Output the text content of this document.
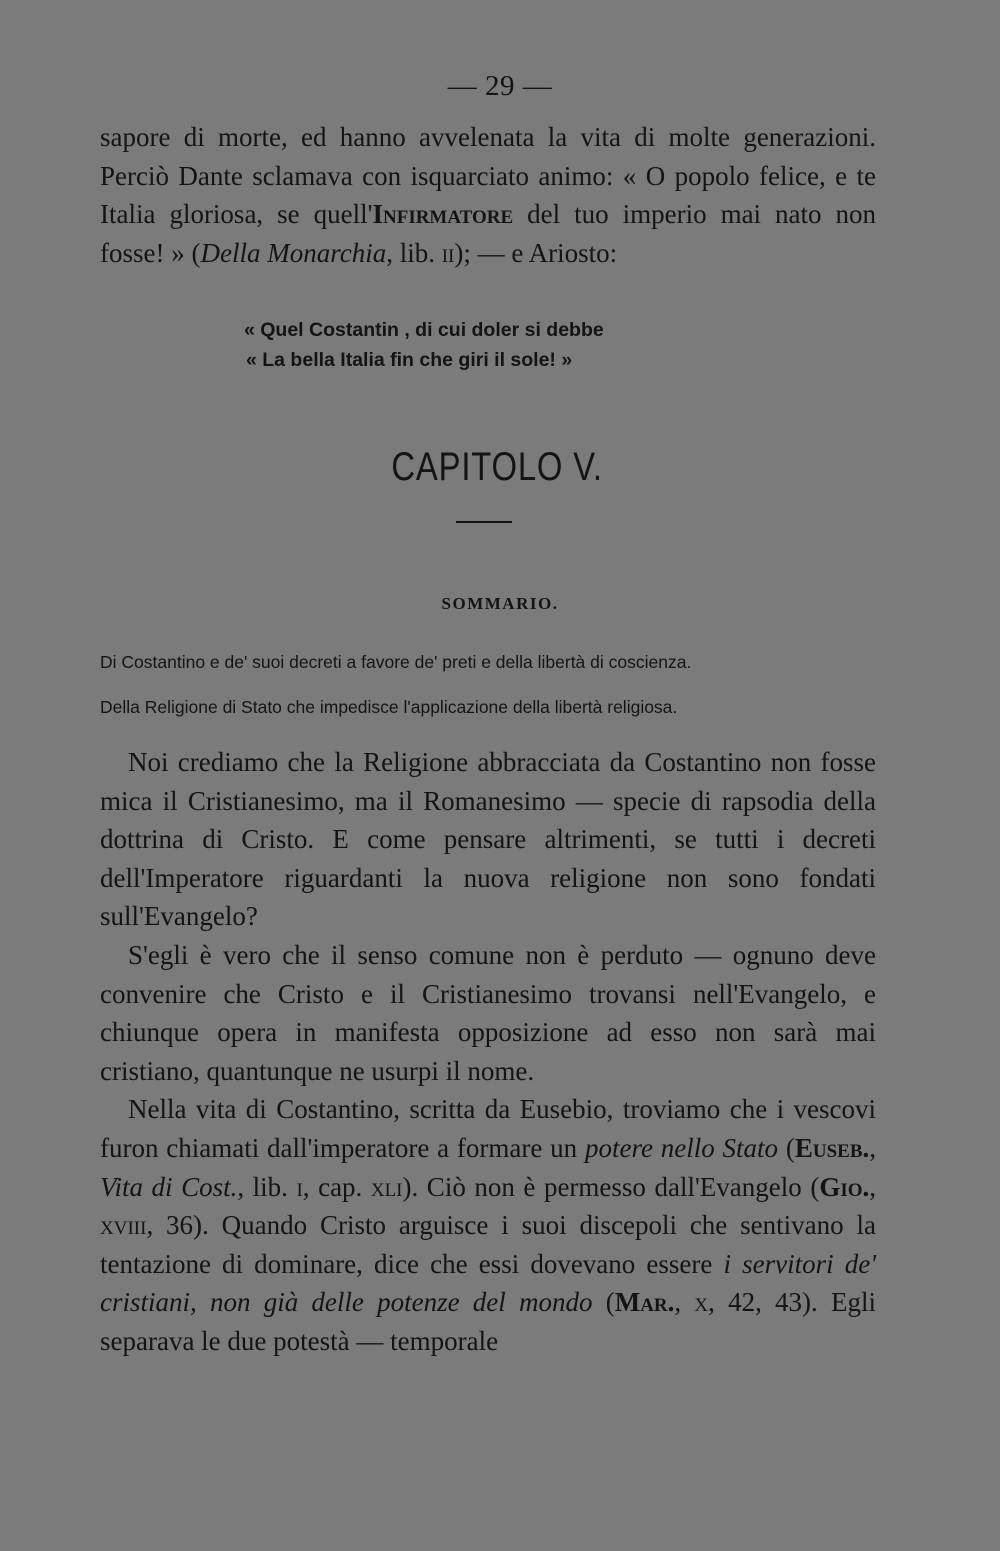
— 29 —

sapore di morte, ed hanno avvelenata la vita di molte generazioni. Perciò Dante sclamava con isquarciato animo: « O popolo felice, e te Italia gloriosa, se quell'Infirmatore del tuo imperio mai nato non fosse! » (Della Monarchia, lib. ii); — e Ariosto:

« Quel Costantin , di cui doler si debbe
« La bella Italia fin che giri il sole! »
CAPITOLO V.
SOMMARIO.
Di Costantino e de' suoi decreti a favore de' preti e della libertà di coscienza.
Della Religione di Stato che impedisce l'applicazione della libertà religiosa.

Noi crediamo che la Religione abbracciata da Costantino non fosse mica il Cristianesimo, ma il Romanesimo — specie di rapsodia della dottrina di Cristo. E come pensare altrimenti, se tutti i decreti dell'Imperatore riguardanti la nuova religione non sono fondati sull'Evangelo?

S'egli è vero che il senso comune non è perduto — ognuno deve convenire che Cristo e il Cristianesimo trovansi nell'Evangelo, e chiunque opera in manifesta opposizione ad esso non sarà mai cristiano, quantunque ne usurpi il nome.

Nella vita di Costantino, scritta da Eusebio, troviamo che i vescovi furon chiamati dall'imperatore a formare un potere nello Stato (Euseb., Vita di Cost., lib. i, cap. xli). Ciò non è permesso dall'Evangelo (Gio., xviii, 36). Quando Cristo arguisce i suoi discepoli che sentivano la tentazione di dominare, dice che essi dovevano essere i servitori de' cristiani, non già delle potenze del mondo (Mar., x, 42, 43). Egli separava le due potestà — temporale
